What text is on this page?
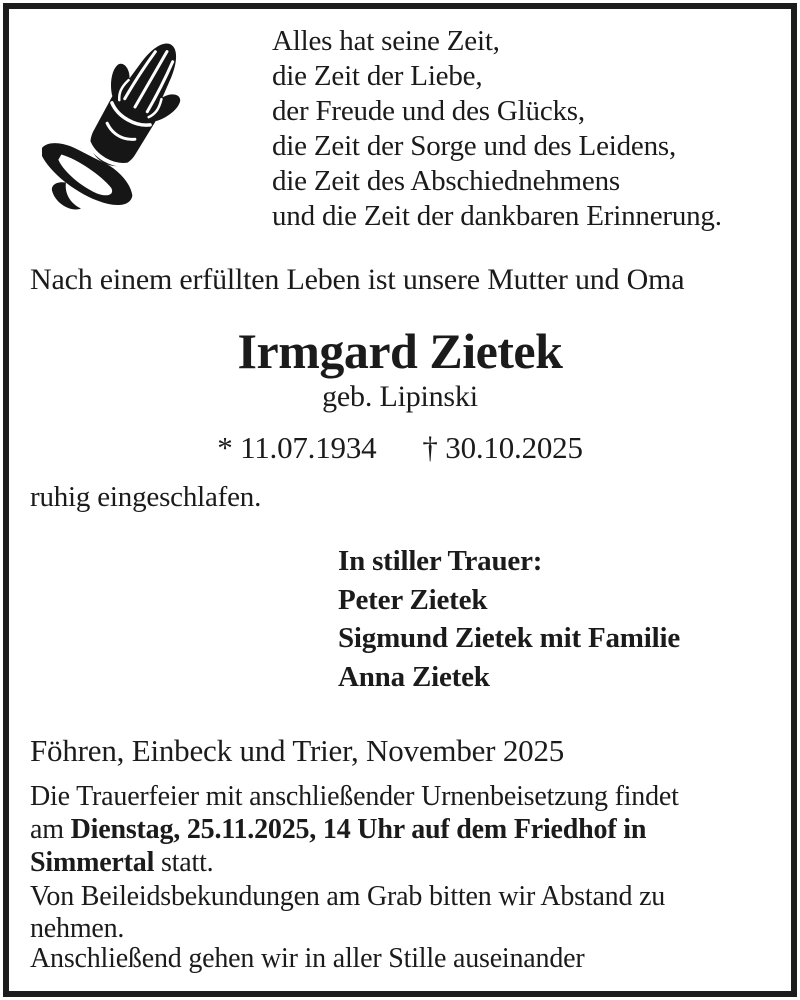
Alles hat seine Zeit,
die Zeit der Liebe,
der Freude und des Glücks,
die Zeit der Sorge und des Leidens,
die Zeit des Abschiednehmens
und die Zeit der dankbaren Erinnerung.
Nach einem erfüllten Leben ist unsere Mutter und Oma
Irmgard Zietek
geb. Lipinski
* 11.07.1934 † 30.10.2025
ruhig eingeschlafen.
In stiller Trauer:
Peter Zietek
Sigmund Zietek mit Familie
Anna Zietek
Föhren, Einbeck und Trier, November 2025
Die Trauerfeier mit anschließender Urnenbeisetzung findet
am Dienstag, 25.11.2025, 14 Uhr auf dem Friedhof in
Simmertal statt.
Von Beileidsbekundungen am Grab bitten wir Abstand zu
nehmen.
Anschließend gehen wir in aller Stille auseinander
